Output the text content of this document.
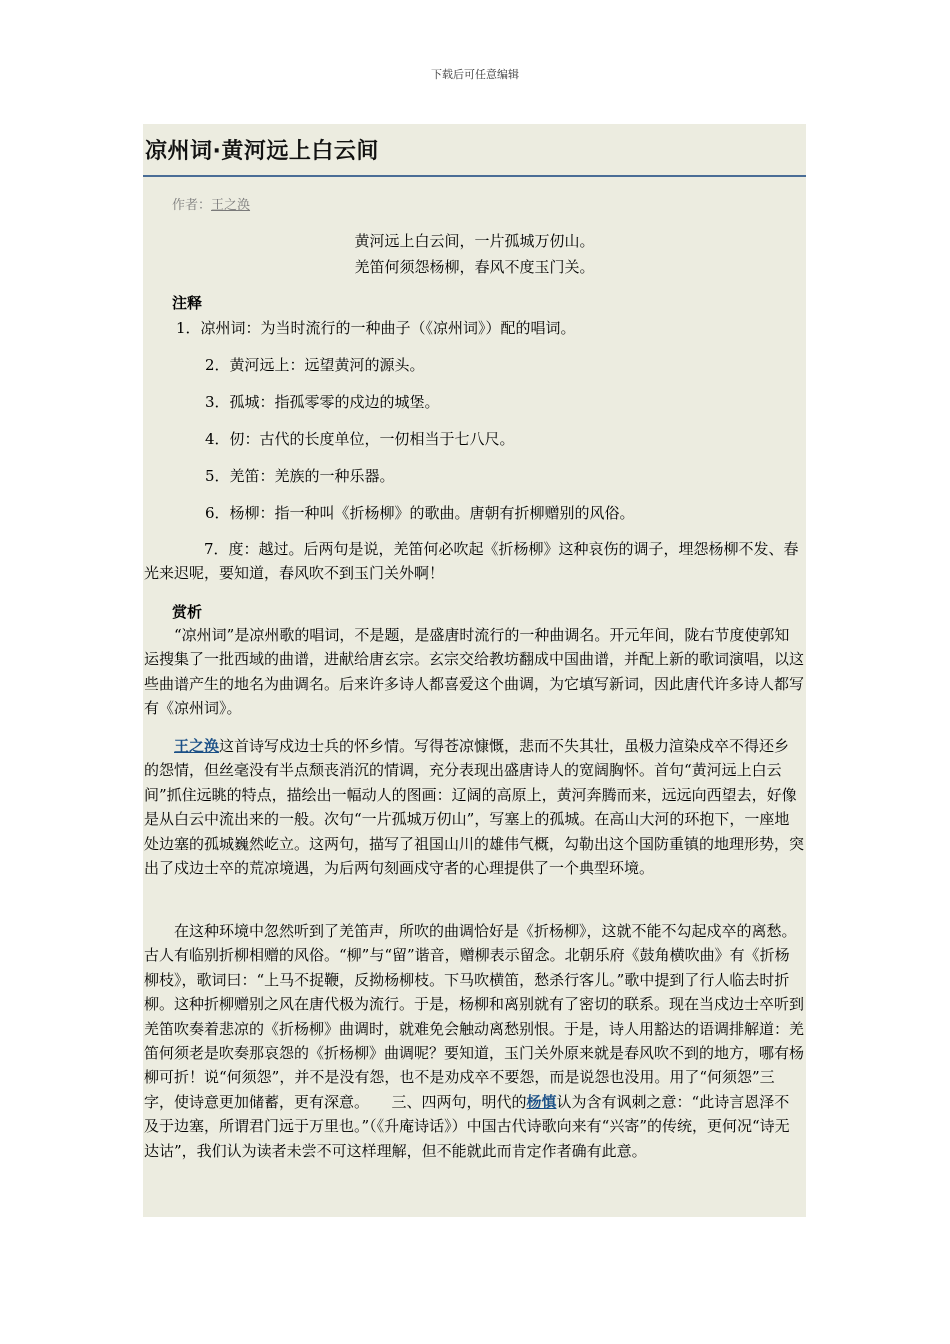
下载后可任意编辑
凉州词·黄河远上白云间
作者：王之涣
黄河远上白云间，一片孤城万仞山。
羌笛何须怨杨柳，春风不度玉门关。
注释
1．凉州词：为当时流行的一种曲子（《凉州词》）配的唱词。
2．黄河远上：远望黄河的源头。
3．孤城：指孤零零的戍边的城堡。
4．仞：古代的长度单位，一仞相当于七八尺。
5．羌笛：羌族的一种乐器。
6．杨柳：指一种叫《折杨柳》的歌曲。唐朝有折柳赠别的风俗。
7．度：越过。后两句是说，羌笛何必吹起《折杨柳》这种哀伤的调子，埋怨杨柳不发、春光来迟呢，要知道，春风吹不到玉门关外啊！
赏析
“凉州词”是凉州歌的唱词，不是题，是盛唐时流行的一种曲调名。开元年间，陇右节度使郭知运搜集了一批西域的曲谱，进献给唐玄宗。玄宗交给教坊翻成中国曲谱，并配上新的歌词演唱，以这些曲谱产生的地名为曲调名。后来许多诗人都喜爱这个曲调，为它填写新词，因此唐代许多诗人都写有《凉州词》。
王之涣这首诗写戍边士兵的怀乡情。写得苍凉慷慨，悲而不失其壮，虽极力渲染戍卒不得还乡的怨情，但丝毫没有半点颓丧消沉的情调，充分表现出盛唐诗人的宽阔胸怀。首句“黄河远上白云间”抓住远眺的特点，描绘出一幅动人的图画：辽阔的高原上，黄河奔腾而来，远远向西望去，好像是从白云中流出来的一般。次句“一片孤城万仞山”，写塞上的孤城。在高山大河的环抱下，一座地处边塞的孤城巍然屹立。这两句，描写了祖国山川的雄伟气概，勾勒出这个国防重镇的地理形势，突出了戍边士卒的荒凉境遇，为后两句刻画戍守者的心理提供了一个典型环境。
在这种环境中忽然听到了羌笛声，所吹的曲调恰好是《折杨柳》，这就不能不勾起戍卒的离愁。古人有临别折柳相赠的风俗。“柳”与“留”谐音，赠柳表示留念。北朝乐府《鼓角横吹曲》有《折杨柳枝》，歌词曰：“上马不捉鞭，反拗杨柳枝。下马吹横笛，愁杀行客儿。”歌中提到了行人临去时折柳。这种折柳赠别之风在唐代极为流行。于是，杨柳和离别就有了密切的联系。现在当戍边士卒听到羌笛吹奏着悲凉的《折杨柳》曲调时，就难免会触动离愁别恨。于是，诗人用豁达的语调排解道：羌笛何须老是吹奏那哀怨的《折杨柳》曲调呢？要知道，玉门关外原来就是春风吹不到的地方，哪有杨柳可折！说“何须怨”，并不是没有怨，也不是劝戍卒不要怨，而是说怨也没用。用了“何须怨”三字，使诗意更加储蓄，更有深意。　　三、四两句，明代的杨慎认为含有讽刺之意：“此诗言恩泽不及于边塞，所谓君门远于万里也。”（《升庵诗话》）中国古代诗歌向来有“兴寄”的传统，更何况“诗无达诂”，我们认为读者未尝不可这样理解，但不能就此而肯定作者确有此意。
